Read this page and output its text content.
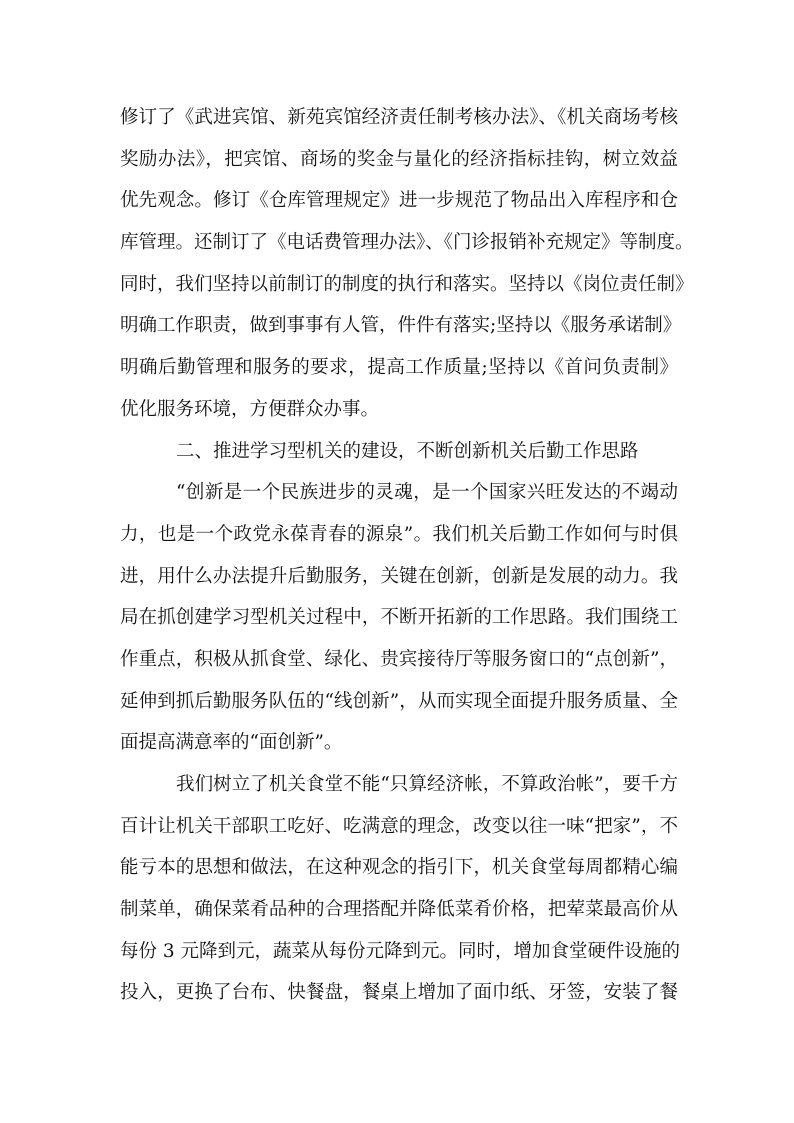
修订了《武进宾馆、新苑宾馆经济责任制考核办法》、《机关商场考核
奖励办法》，把宾馆、商场的奖金与量化的经济指标挂钩，树立效益
优先观念。修订《仓库管理规定》进一步规范了物品出入库程序和仓
库管理。还制订了《电话费管理办法》、《门诊报销补充规定》等制度。
同时，我们坚持以前制订的制度的执行和落实。坚持以《岗位责任制》
明确工作职责，做到事事有人管，件件有落实;坚持以《服务承诺制》
明确后勤管理和服务的要求，提高工作质量;坚持以《首问负责制》
优化服务环境，方便群众办事。
二、推进学习型机关的建设，不断创新机关后勤工作思路
“创新是一个民族进步的灵魂，是一个国家兴旺发达的不竭动
力，也是一个政党永葆青春的源泉”。我们机关后勤工作如何与时俱
进，用什么办法提升后勤服务，关键在创新，创新是发展的动力。我
局在抓创建学习型机关过程中，不断开拓新的工作思路。我们围绕工
作重点，积极从抓食堂、绿化、贵宾接待厅等服务窗口的“点创新”，
延伸到抓后勤服务队伍的“线创新”，从而实现全面提升服务质量、全
面提高满意率的“面创新”。
我们树立了机关食堂不能“只算经济帐，不算政治帐”，要千方
百计让机关干部职工吃好、吃满意的理念，改变以往一味“把家”，不
能亏本的思想和做法，在这种观念的指引下，机关食堂每周都精心编
制菜单，确保菜肴品种的合理搭配并降低菜肴价格，把荤菜最高价从
每份 3 元降到元，蔬菜从每份元降到元。同时，增加食堂硬件设施的
投入，更换了台布、快餐盘，餐桌上增加了面巾纸、牙签，安装了餐
